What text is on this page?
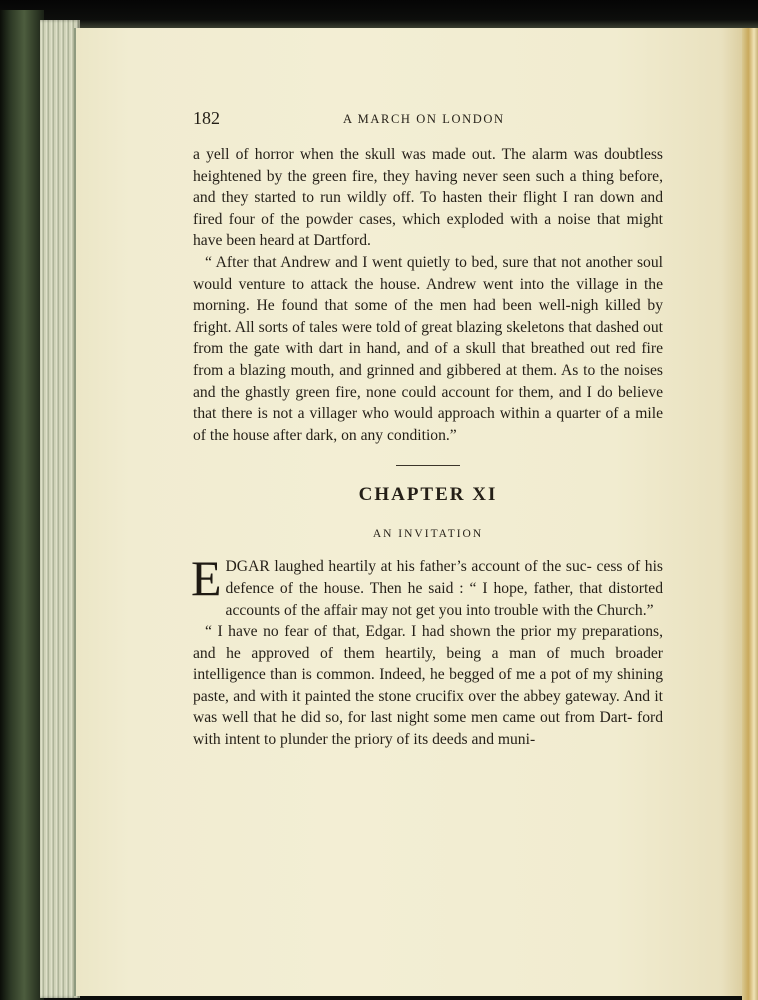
182	A MARCH ON LONDON

a yell of horror when the skull was made out. The alarm was doubtless heightened by the green fire, they having never seen such a thing before, and they started to run wildly off. To hasten their flight I ran down and fired four of the powder cases, which exploded with a noise that might have been heard at Dartford.

“ After that Andrew and I went quietly to bed, sure that not another soul would venture to attack the house. Andrew went into the village in the morning. He found that some of the men had been well-nigh killed by fright. All sorts of tales were told of great blazing skeletons that dashed out from the gate with dart in hand, and of a skull that breathed out red fire from a blazing mouth, and grinned and gibbered at them. As to the noises and the ghastly green fire, none could account for them, and I do believe that there is not a villager who would approach within a quarter of a mile of the house after dark, on any condition.”

CHAPTER XI
AN INVITATION

EDGAR laughed heartily at his father’s account of the suc- cess of his defence of the house. Then he said : “ I hope, father, that distorted accounts of the affair may not get you into trouble with the Church.”

“ I have no fear of that, Edgar. I had shown the prior my preparations, and he approved of them heartily, being a man of much broader intelligence than is common. Indeed, he begged of me a pot of my shining paste, and with it painted the stone crucifix over the abbey gateway. And it was well that he did so, for last night some men came out from Dart- ford with intent to plunder the priory of its deeds and muni-
